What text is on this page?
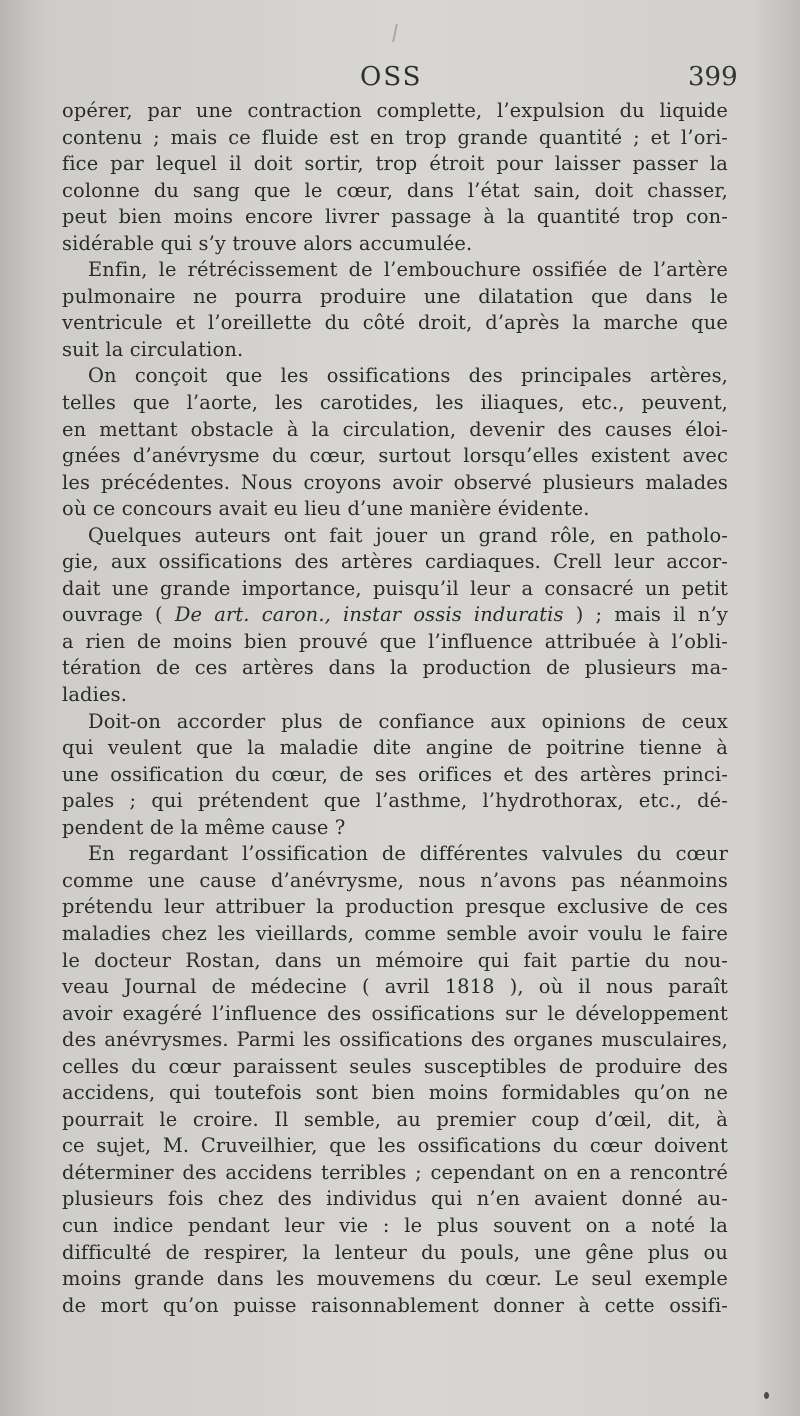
OSS	399
opérer, par une contraction complette, l’expulsion du liquide
contenu ; mais ce fluide est en trop grande quantité ; et l’ori-
fice par lequel il doit sortir, trop étroit pour laisser passer la
colonne du sang que le cœur, dans l’état sain, doit chasser,
peut bien moins encore livrer passage à la quantité trop con-
sidérable qui s’y trouve alors accumulée.
Enfin, le rétrécissement de l’embouchure ossifiée de l’artère
pulmonaire ne pourra produire une dilatation que dans le
ventricule et l’oreillette du côté droit, d’après la marche que
suit la circulation.
On conçoit que les ossifications des principales artères,
telles que l’aorte, les carotides, les iliaques, etc., peuvent,
en mettant obstacle à la circulation, devenir des causes éloi-
gnées d’anévrysme du cœur, surtout lorsqu’elles existent avec
les précédentes. Nous croyons avoir observé plusieurs malades
où ce concours avait eu lieu d’une manière évidente.
Quelques auteurs ont fait jouer un grand rôle, en patholo-
gie, aux ossifications des artères cardiaques. Crell leur accor-
dait une grande importance, puisqu’il leur a consacré un petit
ouvrage ( De art. caron., instar ossis induratis ) ; mais il n’y
a rien de moins bien prouvé que l’influence attribuée à l’obli-
tération de ces artères dans la production de plusieurs ma-
ladies.
Doit-on accorder plus de confiance aux opinions de ceux
qui veulent que la maladie dite angine de poitrine tienne à
une ossification du cœur, de ses orifices et des artères princi-
pales ; qui prétendent que l’asthme, l’hydrothorax, etc., dé-
pendent de la même cause ?
En regardant l’ossification de différentes valvules du cœur
comme une cause d’anévrysme, nous n’avons pas néanmoins
prétendu leur attribuer la production presque exclusive de ces
maladies chez les vieillards, comme semble avoir voulu le faire
le docteur Rostan, dans un mémoire qui fait partie du nou-
veau Journal de médecine ( avril 1818 ), où il nous paraît
avoir exagéré l’influence des ossifications sur le développement
des anévrysmes. Parmi les ossifications des organes musculaires,
celles du cœur paraissent seules susceptibles de produire des
accidens, qui toutefois sont bien moins formidables qu’on ne
pourrait le croire. Il semble, au premier coup d’œil, dit, à
ce sujet, M. Cruveilhier, que les ossifications du cœur doivent
déterminer des accidens terribles ; cependant on en a rencontré
plusieurs fois chez des individus qui n’en avaient donné au-
cun indice pendant leur vie : le plus souvent on a noté la
difficulté de respirer, la lenteur du pouls, une gêne plus ou
moins grande dans les mouvemens du cœur. Le seul exemple
de mort qu’on puisse raisonnablement donner à cette ossifi-
